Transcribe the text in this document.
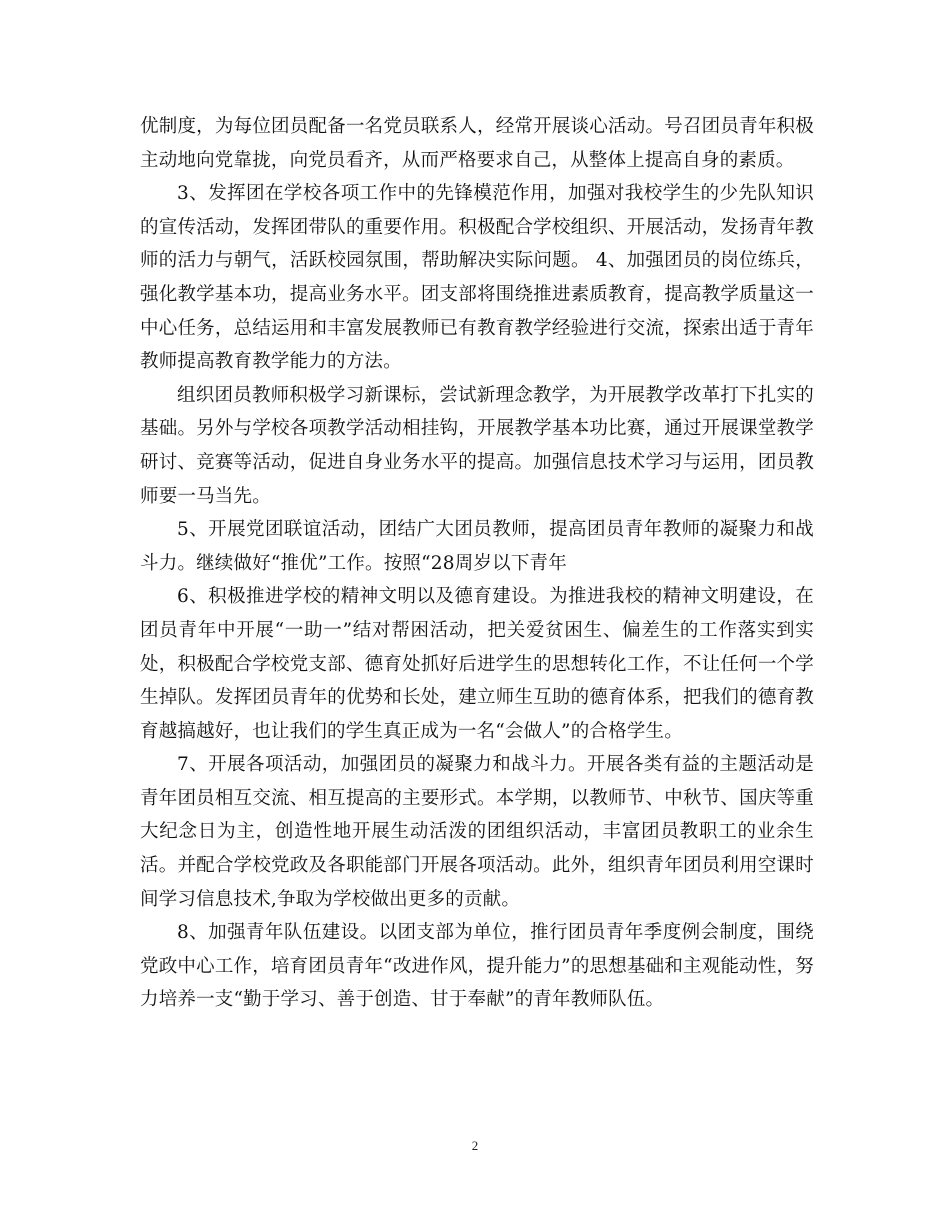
优制度，为每位团员配备一名党员联系人，经常开展谈心活动。号召团员青年积极主动地向党靠拢，向党员看齐，从而严格要求自己，从整体上提高自身的素质。

3、发挥团在学校各项工作中的先锋模范作用，加强对我校学生的少先队知识的宣传活动，发挥团带队的重要作用。积极配合学校组织、开展活动，发扬青年教师的活力与朝气，活跃校园氛围，帮助解决实际问题。 4、加强团员的岗位练兵，强化教学基本功，提高业务水平。团支部将围绕推进素质教育，提高教学质量这一中心任务，总结运用和丰富发展教师已有教育教学经验进行交流，探索出适于青年教师提高教育教学能力的方法。

组织团员教师积极学习新课标，尝试新理念教学，为开展教学改革打下扎实的基础。另外与学校各项教学活动相挂钩，开展教学基本功比赛，通过开展课堂教学研讨、竞赛等活动，促进自身业务水平的提高。加强信息技术学习与运用，团员教师要一马当先。

5、开展党团联谊活动，团结广大团员教师，提高团员青年教师的凝聚力和战斗力。继续做好“推优”工作。按照“28周岁以下青年

6、积极推进学校的精神文明以及德育建设。为推进我校的精神文明建设，在团员青年中开展“一助一”结对帮困活动，把关爱贫困生、偏差生的工作落实到实处，积极配合学校党支部、德育处抓好后进学生的思想转化工作，不让任何一个学生掉队。发挥团员青年的优势和长处，建立师生互助的德育体系，把我们的德育教育越搞越好，也让我们的学生真正成为一名“会做人”的合格学生。

7、开展各项活动，加强团员的凝聚力和战斗力。开展各类有益的主题活动是青年团员相互交流、相互提高的主要形式。本学期，以教师节、中秋节、国庆等重大纪念日为主，创造性地开展生动活泼的团组织活动，丰富团员教职工的业余生活。并配合学校党政及各职能部门开展各项活动。此外，组织青年团员利用空课时间学习信息技术,争取为学校做出更多的贡献。

8、加强青年队伍建设。以团支部为单位，推行团员青年季度例会制度，围绕党政中心工作，培育团员青年“改进作风，提升能力”的思想基础和主观能动性，努力培养一支“勤于学习、善于创造、甘于奉献”的青年教师队伍。

2
